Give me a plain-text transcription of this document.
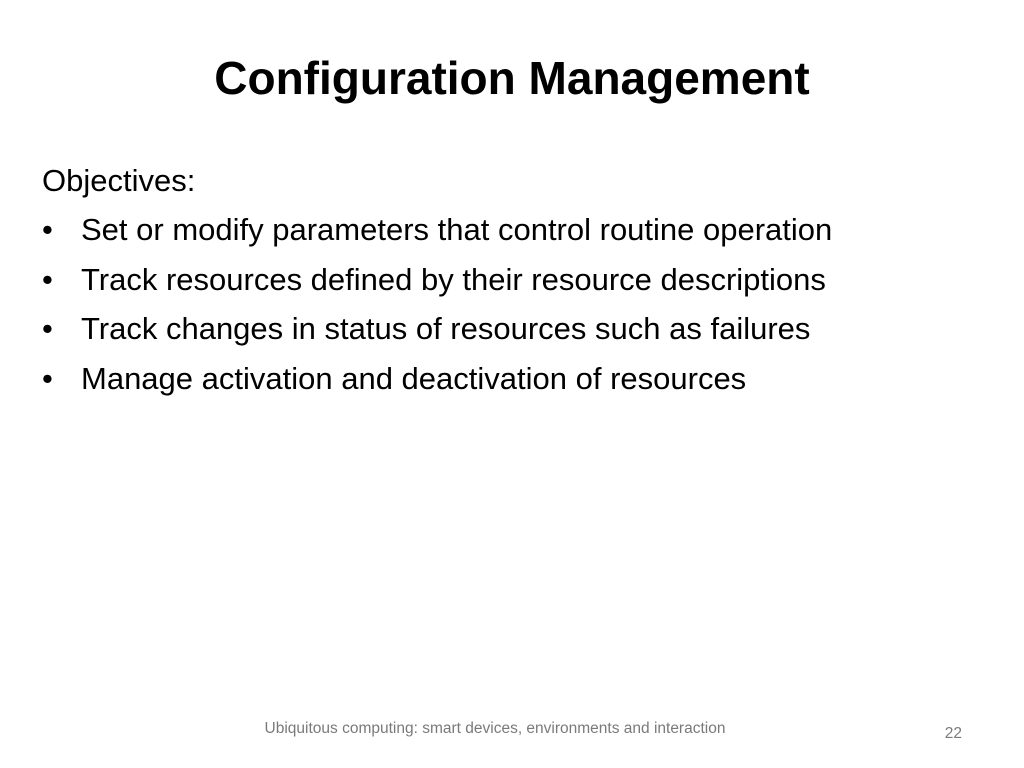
Configuration Management

Objectives:

• Set or modify parameters that control routine operation
• Track resources defined by their resource descriptions
• Track changes in status of resources such as failures
• Manage activation and deactivation of resources
Ubiquitous computing: smart devices, environments and interaction	22
